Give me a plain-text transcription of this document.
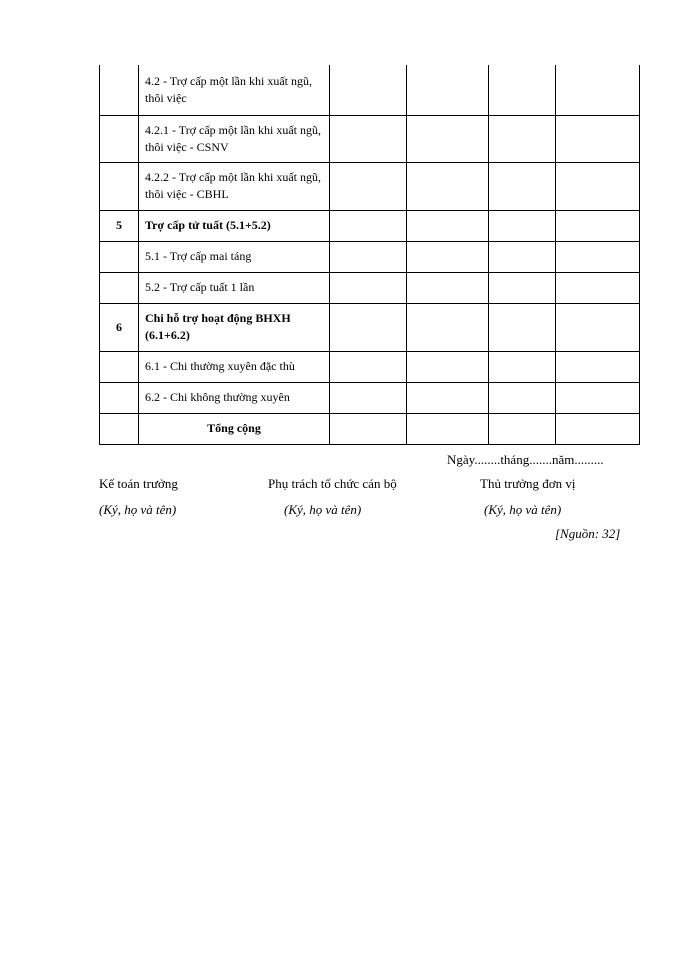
	4.2 - Trợ cấp một lần khi xuất ngũ, thôi việc				
	4.2.1 - Trợ cấp một lần khi xuất ngũ, thôi việc - CSNV				
	4.2.2 - Trợ cấp một lần khi xuất ngũ, thôi việc - CBHL				
5	Trợ cấp tử tuất (5.1+5.2)				
	5.1 - Trợ cấp mai táng				
	5.2 - Trợ cấp tuất 1 lần				
6	Chi hỗ trợ hoạt động BHXH (6.1+6.2)				
	6.1 - Chi thường xuyên đặc thù				
	6.2 - Chi không thường xuyên				
	Tổng cộng				
Ngày........tháng.......năm.........
Kế toán trưởng	Phụ trách tổ chức cán bộ	Thủ trưởng đơn vị
(Ký, họ và tên)	(Ký, họ và tên)	(Ký, họ và tên)
[Nguồn: 32]
